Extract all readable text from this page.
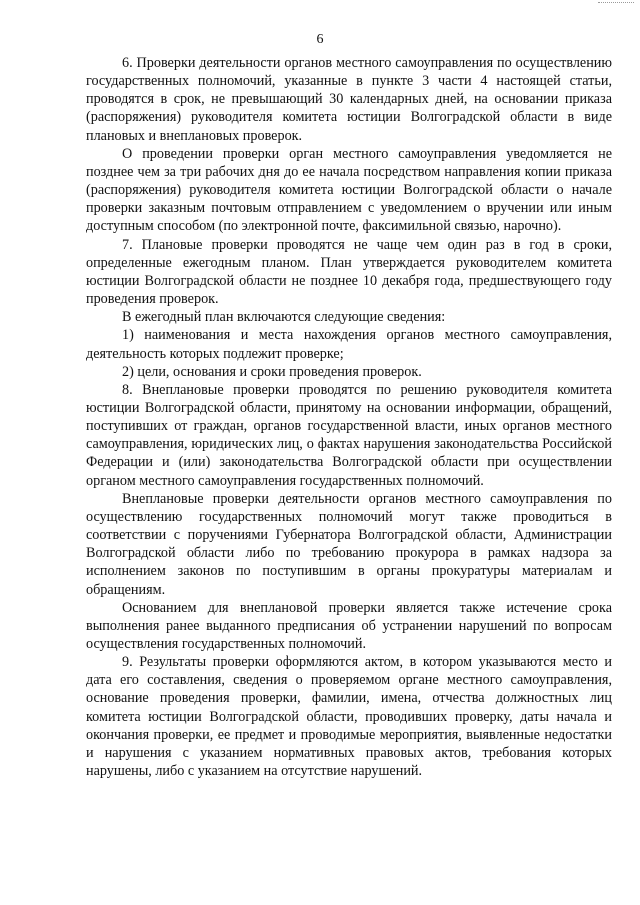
6

6. Проверки деятельности органов местного самоуправления по осуществлению государственных полномочий, указанные в пункте 3 части 4 настоящей статьи, проводятся в срок, не превышающий 30 календарных дней, на основании приказа (распоряжения) руководителя комитета юстиции Волгоградской области в виде плановых и внеплановых проверок.

О проведении проверки орган местного самоуправления уведомляется не позднее чем за три рабочих дня до ее начала посредством направления копии приказа (распоряжения) руководителя комитета юстиции Волгоградской области о начале проверки заказным почтовым отправлением с уведомлением о вручении или иным доступным способом (по электронной почте, факсимильной связью, нарочно).

7. Плановые проверки проводятся не чаще чем один раз в год в сроки, определенные ежегодным планом. План утверждается руководителем комитета юстиции Волгоградской области не позднее 10 декабря года, предшествующего году проведения проверок.

В ежегодный план включаются следующие сведения:

1) наименования и места нахождения органов местного самоуправления, деятельность которых подлежит проверке;

2) цели, основания и сроки проведения проверок.

8. Внеплановые проверки проводятся по решению руководителя комитета юстиции Волгоградской области, принятому на основании информации, обращений, поступивших от граждан, органов государственной власти, иных органов местного самоуправления, юридических лиц, о фактах нарушения законодательства Российской Федерации и (или) законодательства Волгоградской области при осуществлении органом местного самоуправления государственных полномочий.

Внеплановые проверки деятельности органов местного самоуправления по осуществлению государственных полномочий могут также проводиться в соответствии с поручениями Губернатора Волгоградской области, Администрации Волгоградской области либо по требованию прокурора в рамках надзора за исполнением законов по поступившим в органы прокуратуры материалам и обращениям.

Основанием для внеплановой проверки является также истечение срока выполнения ранее выданного предписания об устранении нарушений по вопросам осуществления государственных полномочий.

9. Результаты проверки оформляются актом, в котором указываются место и дата его составления, сведения о проверяемом органе местного самоуправления, основание проведения проверки, фамилии, имена, отчества должностных лиц комитета юстиции Волгоградской области, проводивших проверку, даты начала и окончания проверки, ее предмет и проводимые мероприятия, выявленные недостатки и нарушения с указанием нормативных правовых актов, требования которых нарушены, либо с указанием на отсутствие нарушений.
